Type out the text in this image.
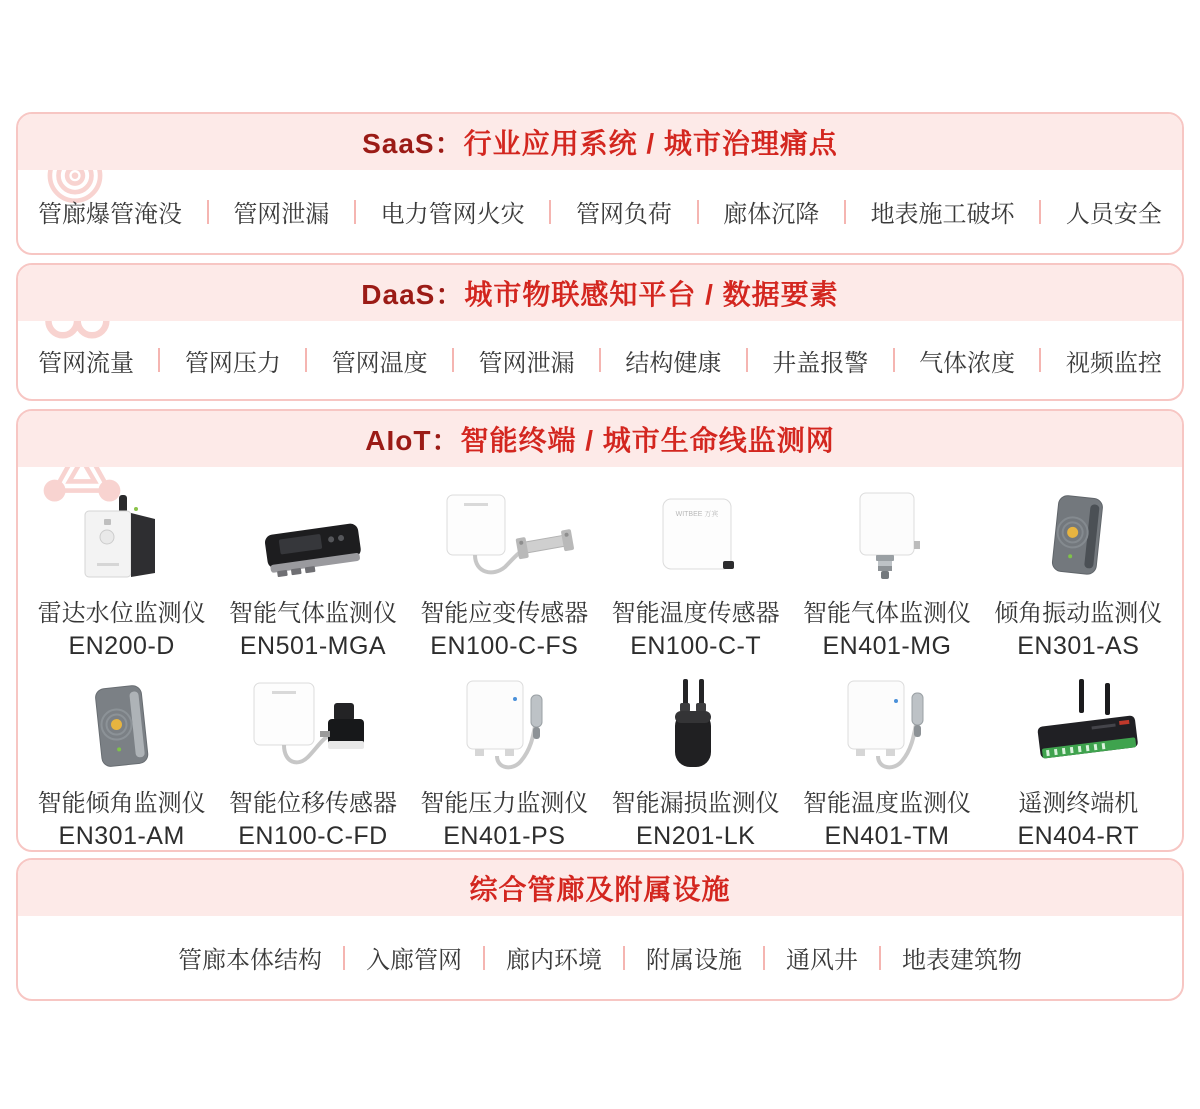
SaaS：行业应用系统 / 城市治理痛点
管廊爆管淹没 管网泄漏 电力管网火灾 管网负荷 廊体沉降 地表施工破坏 人员安全
DaaS：城市物联感知平台 / 数据要素
管网流量 管网压力 管网温度 管网泄漏 结构健康 井盖报警 气体浓度 视频监控
AIoT：智能终端 / 城市生命线监测网
雷达水位监测仪
EN200-D
智能气体监测仪
EN501-MGA
智能应变传感器
EN100-C-FS
WITBEE 万宾
智能温度传感器
EN100-C-T
智能气体监测仪
EN401-MG
倾角振动监测仪
EN301-AS
智能倾角监测仪
EN301-AM
智能位移传感器
EN100-C-FD
智能压力监测仪
EN401-PS
智能漏损监测仪
EN201-LK
智能温度监测仪
EN401-TM
遥测终端机
EN404-RT
综合管廊及附属设施
管廊本体结构 入廊管网 廊内环境 附属设施 通风井 地表建筑物
